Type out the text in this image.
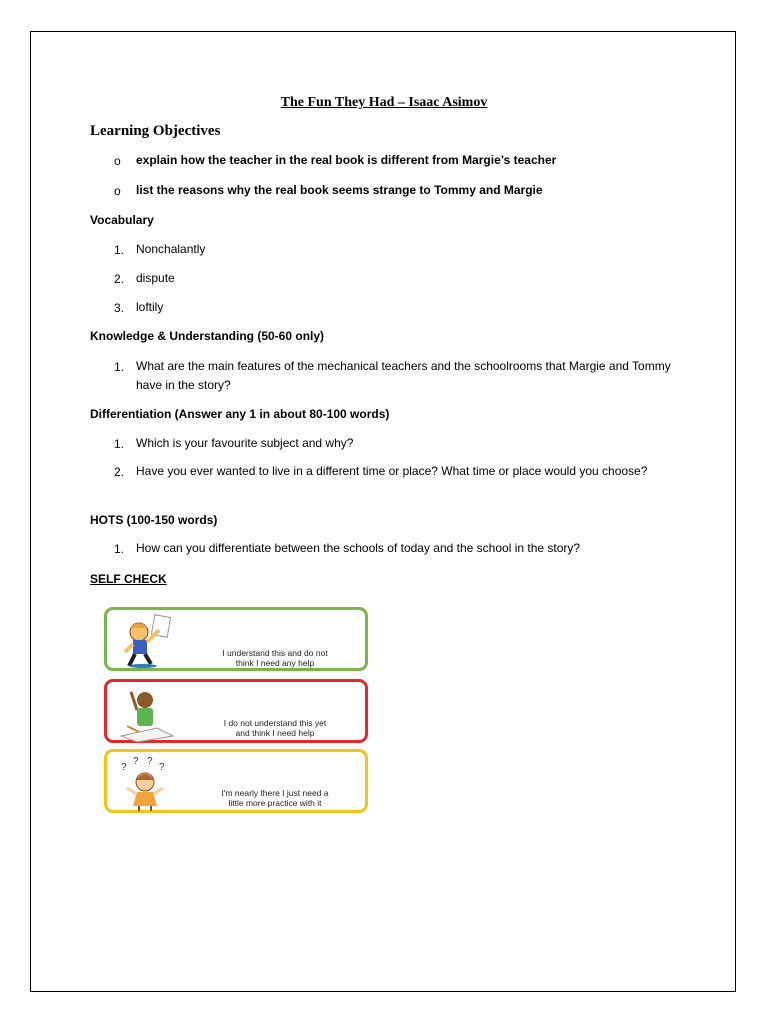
The Fun They Had – Isaac Asimov
Learning Objectives
o explain how the teacher in the real book is different from Margie’s teacher
o list the reasons why the real book seems strange to Tommy and Margie
Vocabulary
1. Nonchalantly
2. dispute
3. loftily
Knowledge & Understanding (50-60 only)
1. What are the main features of the mechanical teachers and the schoolrooms that Margie and Tommy have in the story?
Differentiation (Answer any 1 in about 80-100 words)
1. Which is your favourite subject and why?
2. Have you ever wanted to live in a different time or place? What time or place would you choose?
HOTS (100-150 words)
1. How can you differentiate between the schools of today and the school in the story?
SELF CHECK
I understand this and do not
think I need any help
I do not understand this yet
and think I need help
?
? ?
?
I'm nearly there I just need a
little more practice with it
